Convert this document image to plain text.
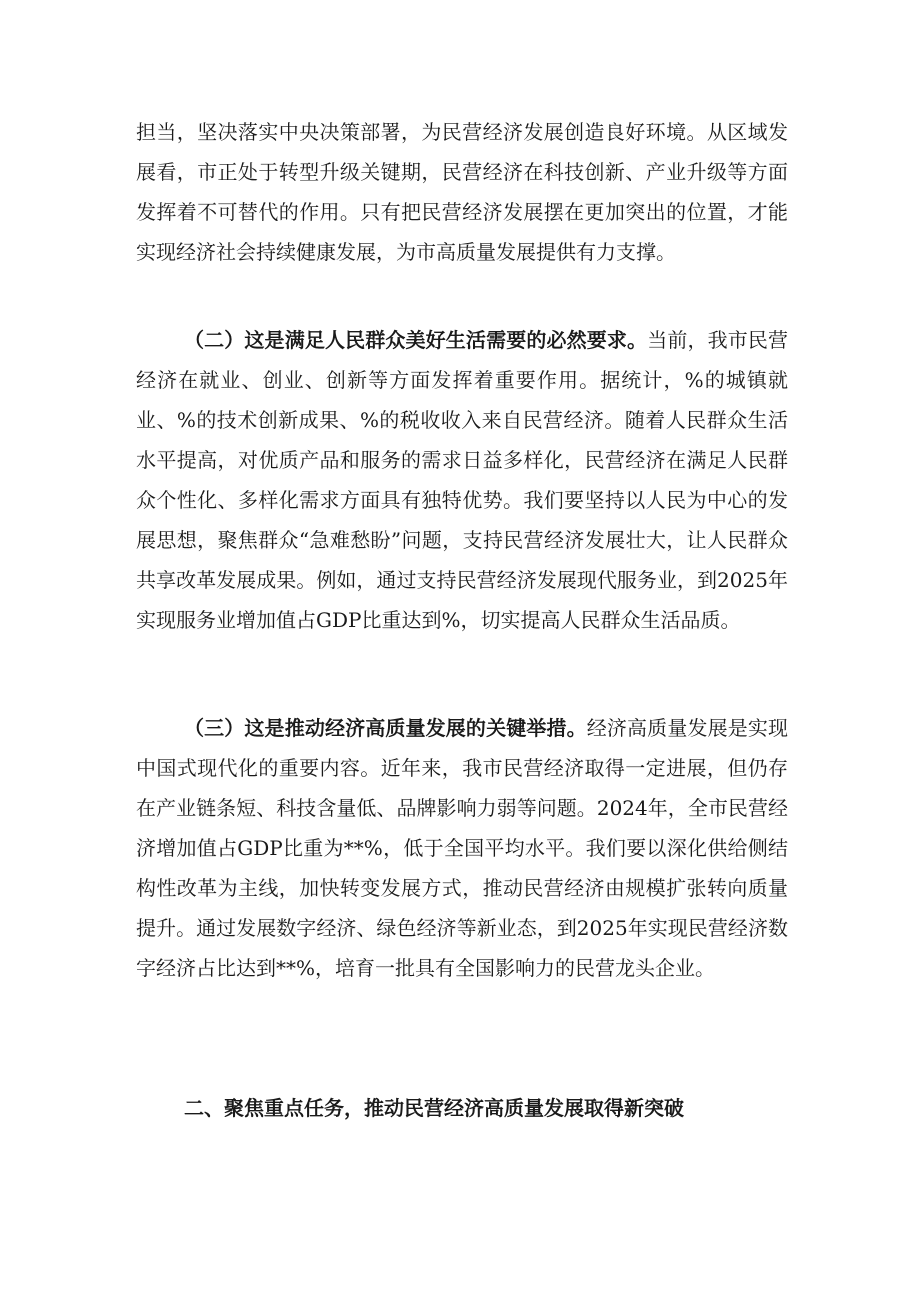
担当，坚决落实中央决策部署，为民营经济发展创造良好环境。从区域发展看，市正处于转型升级关键期，民营经济在科技创新、产业升级等方面发挥着不可替代的作用。只有把民营经济发展摆在更加突出的位置，才能实现经济社会持续健康发展，为市高质量发展提供有力支撑。

（二）这是满足人民群众美好生活需要的必然要求。当前，我市民营经济在就业、创业、创新等方面发挥着重要作用。据统计，%的城镇就业、%的技术创新成果、%的税收收入来自民营经济。随着人民群众生活水平提高，对优质产品和服务的需求日益多样化，民营经济在满足人民群众个性化、多样化需求方面具有独特优势。我们要坚持以人民为中心的发展思想，聚焦群众“急难愁盼”问题，支持民营经济发展壮大，让人民群众共享改革发展成果。例如，通过支持民营经济发展现代服务业，到2025年实现服务业增加值占GDP比重达到%，切实提高人民群众生活品质。

（三）这是推动经济高质量发展的关键举措。经济高质量发展是实现中国式现代化的重要内容。近年来，我市民营经济取得一定进展，但仍存在产业链条短、科技含量低、品牌影响力弱等问题。2024年，全市民营经济增加值占GDP比重为**%，低于全国平均水平。我们要以深化供给侧结构性改革为主线，加快转变发展方式，推动民营经济由规模扩张转向质量提升。通过发展数字经济、绿色经济等新业态，到2025年实现民营经济数字经济占比达到**%，培育一批具有全国影响力的民营龙头企业。

二、聚焦重点任务，推动民营经济高质量发展取得新突破
